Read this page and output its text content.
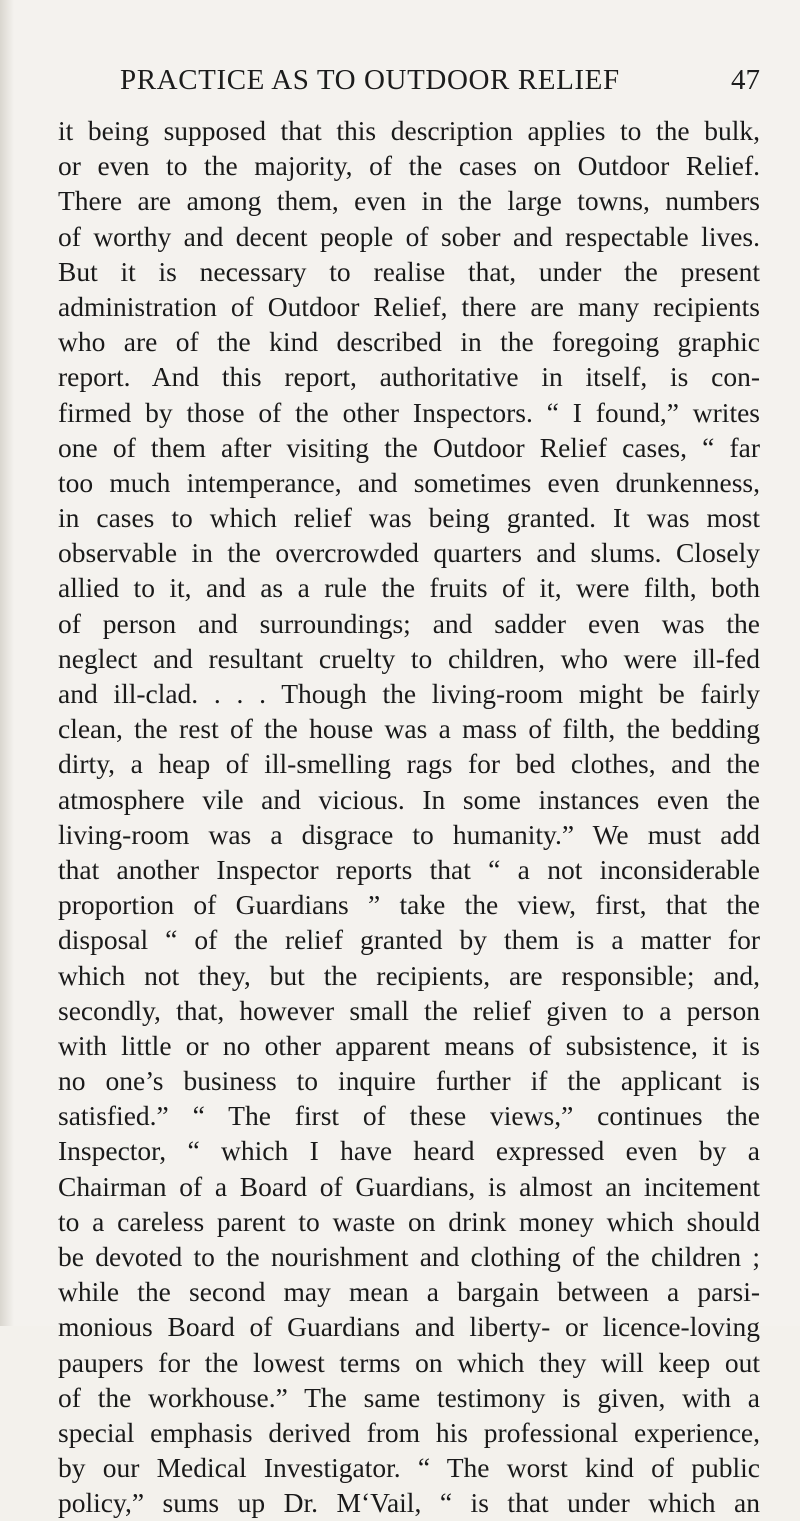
PRACTICE AS TO OUTDOOR RELIEF	47
it being supposed that this description applies to the bulk,
or even to the majority, of the cases on Outdoor Relief.
There are among them, even in the large towns, numbers
of worthy and decent people of sober and respectable lives.
But it is necessary to realise that, under the present
administration of Outdoor Relief, there are many recipients
who are of the kind described in the foregoing graphic
report. And this report, authoritative in itself, is con-
firmed by those of the other Inspectors. “ I found,” writes
one of them after visiting the Outdoor Relief cases, “ far
too much intemperance, and sometimes even drunkenness,
in cases to which relief was being granted. It was most
observable in the overcrowded quarters and slums. Closely
allied to it, and as a rule the fruits of it, were filth, both
of person and surroundings; and sadder even was the
neglect and resultant cruelty to children, who were ill-fed
and ill-clad. . . . Though the living-room might be fairly
clean, the rest of the house was a mass of filth, the bedding
dirty, a heap of ill-smelling rags for bed clothes, and the
atmosphere vile and vicious. In some instances even the
living-room was a disgrace to humanity.” We must add
that another Inspector reports that “ a not inconsiderable
proportion of Guardians ” take the view, first, that the
disposal “ of the relief granted by them is a matter for
which not they, but the recipients, are responsible; and,
secondly, that, however small the relief given to a person
with little or no other apparent means of subsistence, it is
no one’s business to inquire further if the applicant is
satisfied.” “ The first of these views,” continues the
Inspector, “ which I have heard expressed even by a
Chairman of a Board of Guardians, is almost an incitement
to a careless parent to waste on drink money which should
be devoted to the nourishment and clothing of the children ;
while the second may mean a bargain between a parsi-
monious Board of Guardians and liberty- or licence-loving
paupers for the lowest terms on which they will keep out
of the workhouse.” The same testimony is given, with a
special emphasis derived from his professional experience,
by our Medical Investigator. “ The worst kind of public
policy,” sums up Dr. M‘Vail, “ is that under which an
